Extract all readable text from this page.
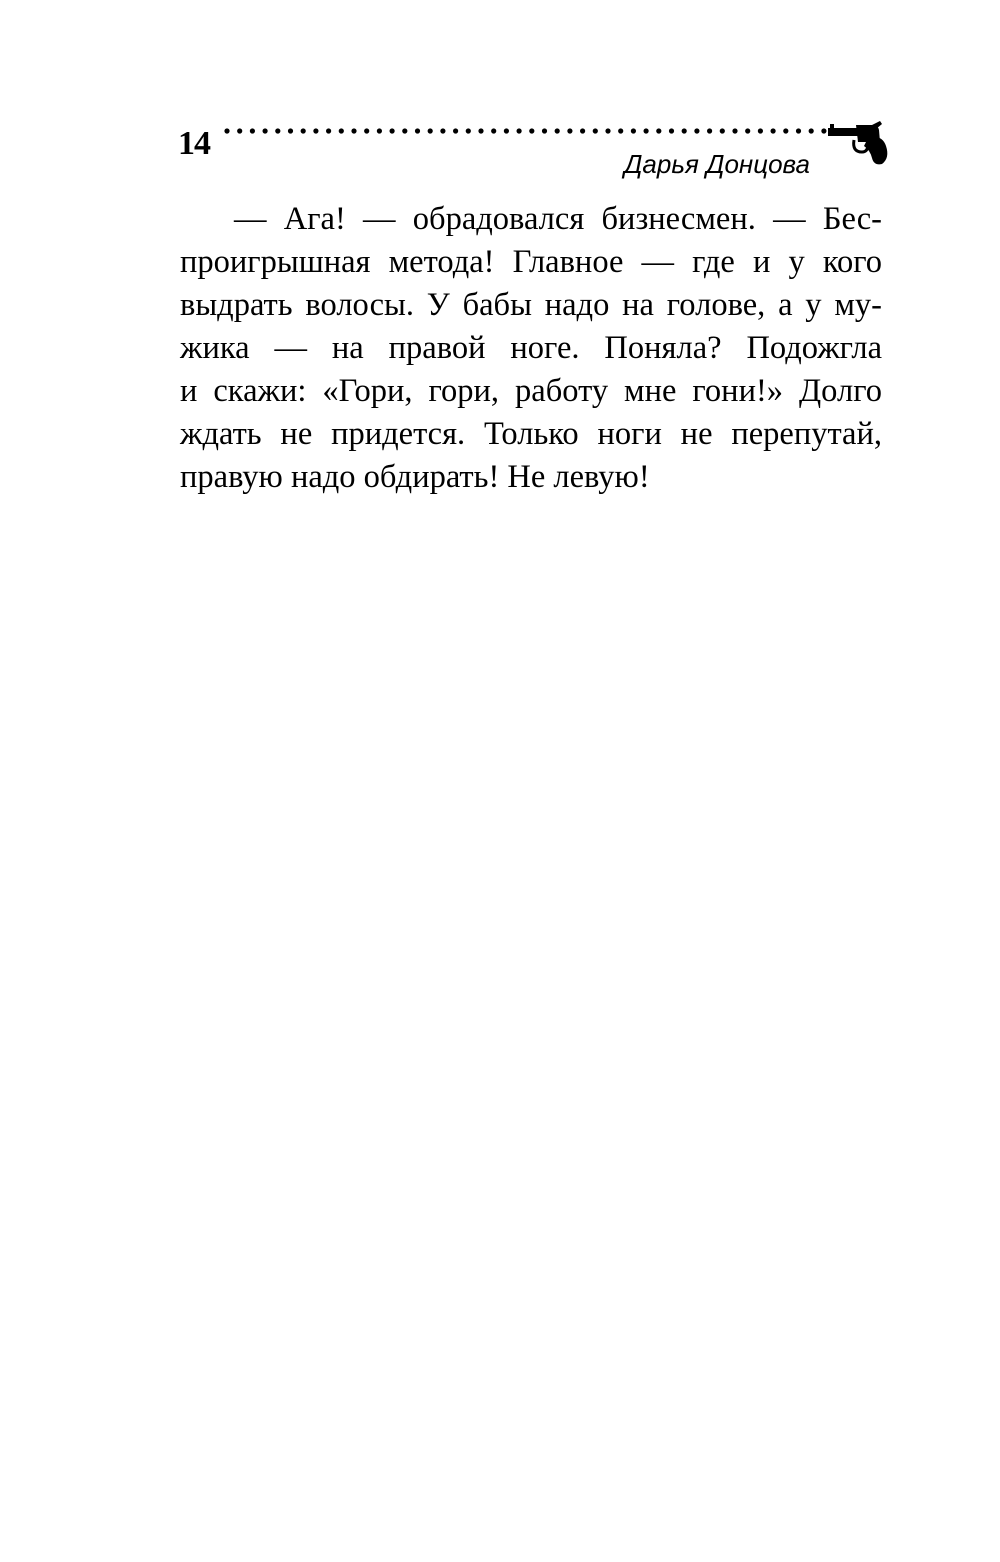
14
Дарья Донцова
— Ага! — обрадовался бизнесмен. — Бес-
проигрышная метода! Главное — где и у кого
выдрать волосы. У бабы надо на голове, а у му-
жика — на правой ноге. Поняла? Подожгла
и скажи: «Гори, гори, работу мне гони!» Долго
ждать не придется. Только ноги не перепутай,
правую надо обдирать! Не левую!
